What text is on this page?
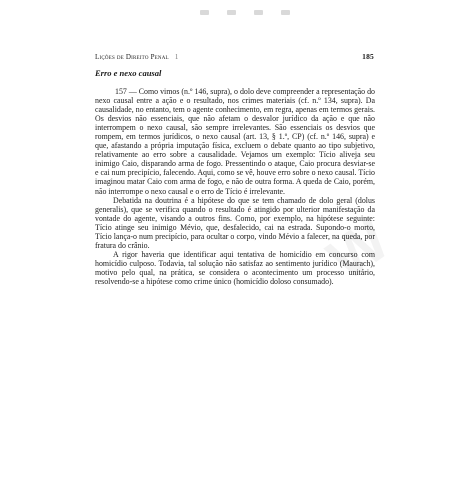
Lições de Direito Penal 1	185
Erro e nexo causal

157 — Como vimos (n.º 146, supra), o dolo deve compreender a representação do nexo causal entre a ação e o resultado, nos crimes materiais (cf. n.º 134, supra). Da causalidade, no entanto, tem o agente conhecimento, em regra, apenas em termos gerais. Os desvios não essenciais, que não afetam o desvalor jurídico da ação e que não interrompem o nexo causal, são sempre irrelevantes. São essenciais os desvios que rompem, em termos jurídicos, o nexo causal (art. 13, § 1.º, CP) (cf. n.º 146, supra) e que, afastando a própria imputação física, excluem o debate quanto ao tipo subjetivo, relativamente ao erro sobre a causalidade. Vejamos um exemplo: Tício aliveja seu inimigo Caio, disparando arma de fogo. Pressentindo o ataque, Caio procura desviar-se e cai num precipício, falecendo. Aqui, como se vê, houve erro sobre o nexo causal. Tício imaginou matar Caio com arma de fogo, e não de outra forma. A queda de Caio, porém, não interrompe o nexo causal e o erro de Tício é irrelevante.

Debatida na doutrina é a hipótese do que se tem chamado de dolo geral (dolus generalis), que se verifica quando o resultado é atingido por ulterior manifestação da vontade do agente, visando a outros fins. Como, por exemplo, na hipótese seguinte: Tício atinge seu inimigo Mévio, que, desfalecido, cai na estrada. Supondo-o morto, Tício lança-o num precipício, para ocultar o corpo, vindo Mévio a falecer, na queda, por fratura do crânio.

A rigor haveria que identificar aqui tentativa de homicídio em concurso com homicídio culposo. Todavia, tal solução não satisfaz ao sentimento jurídico (Maurach), motivo pelo qual, na prática, se considera o acontecimento um processo unitário, resolvendo-se a hipótese como crime único (homicídio doloso consumado).
